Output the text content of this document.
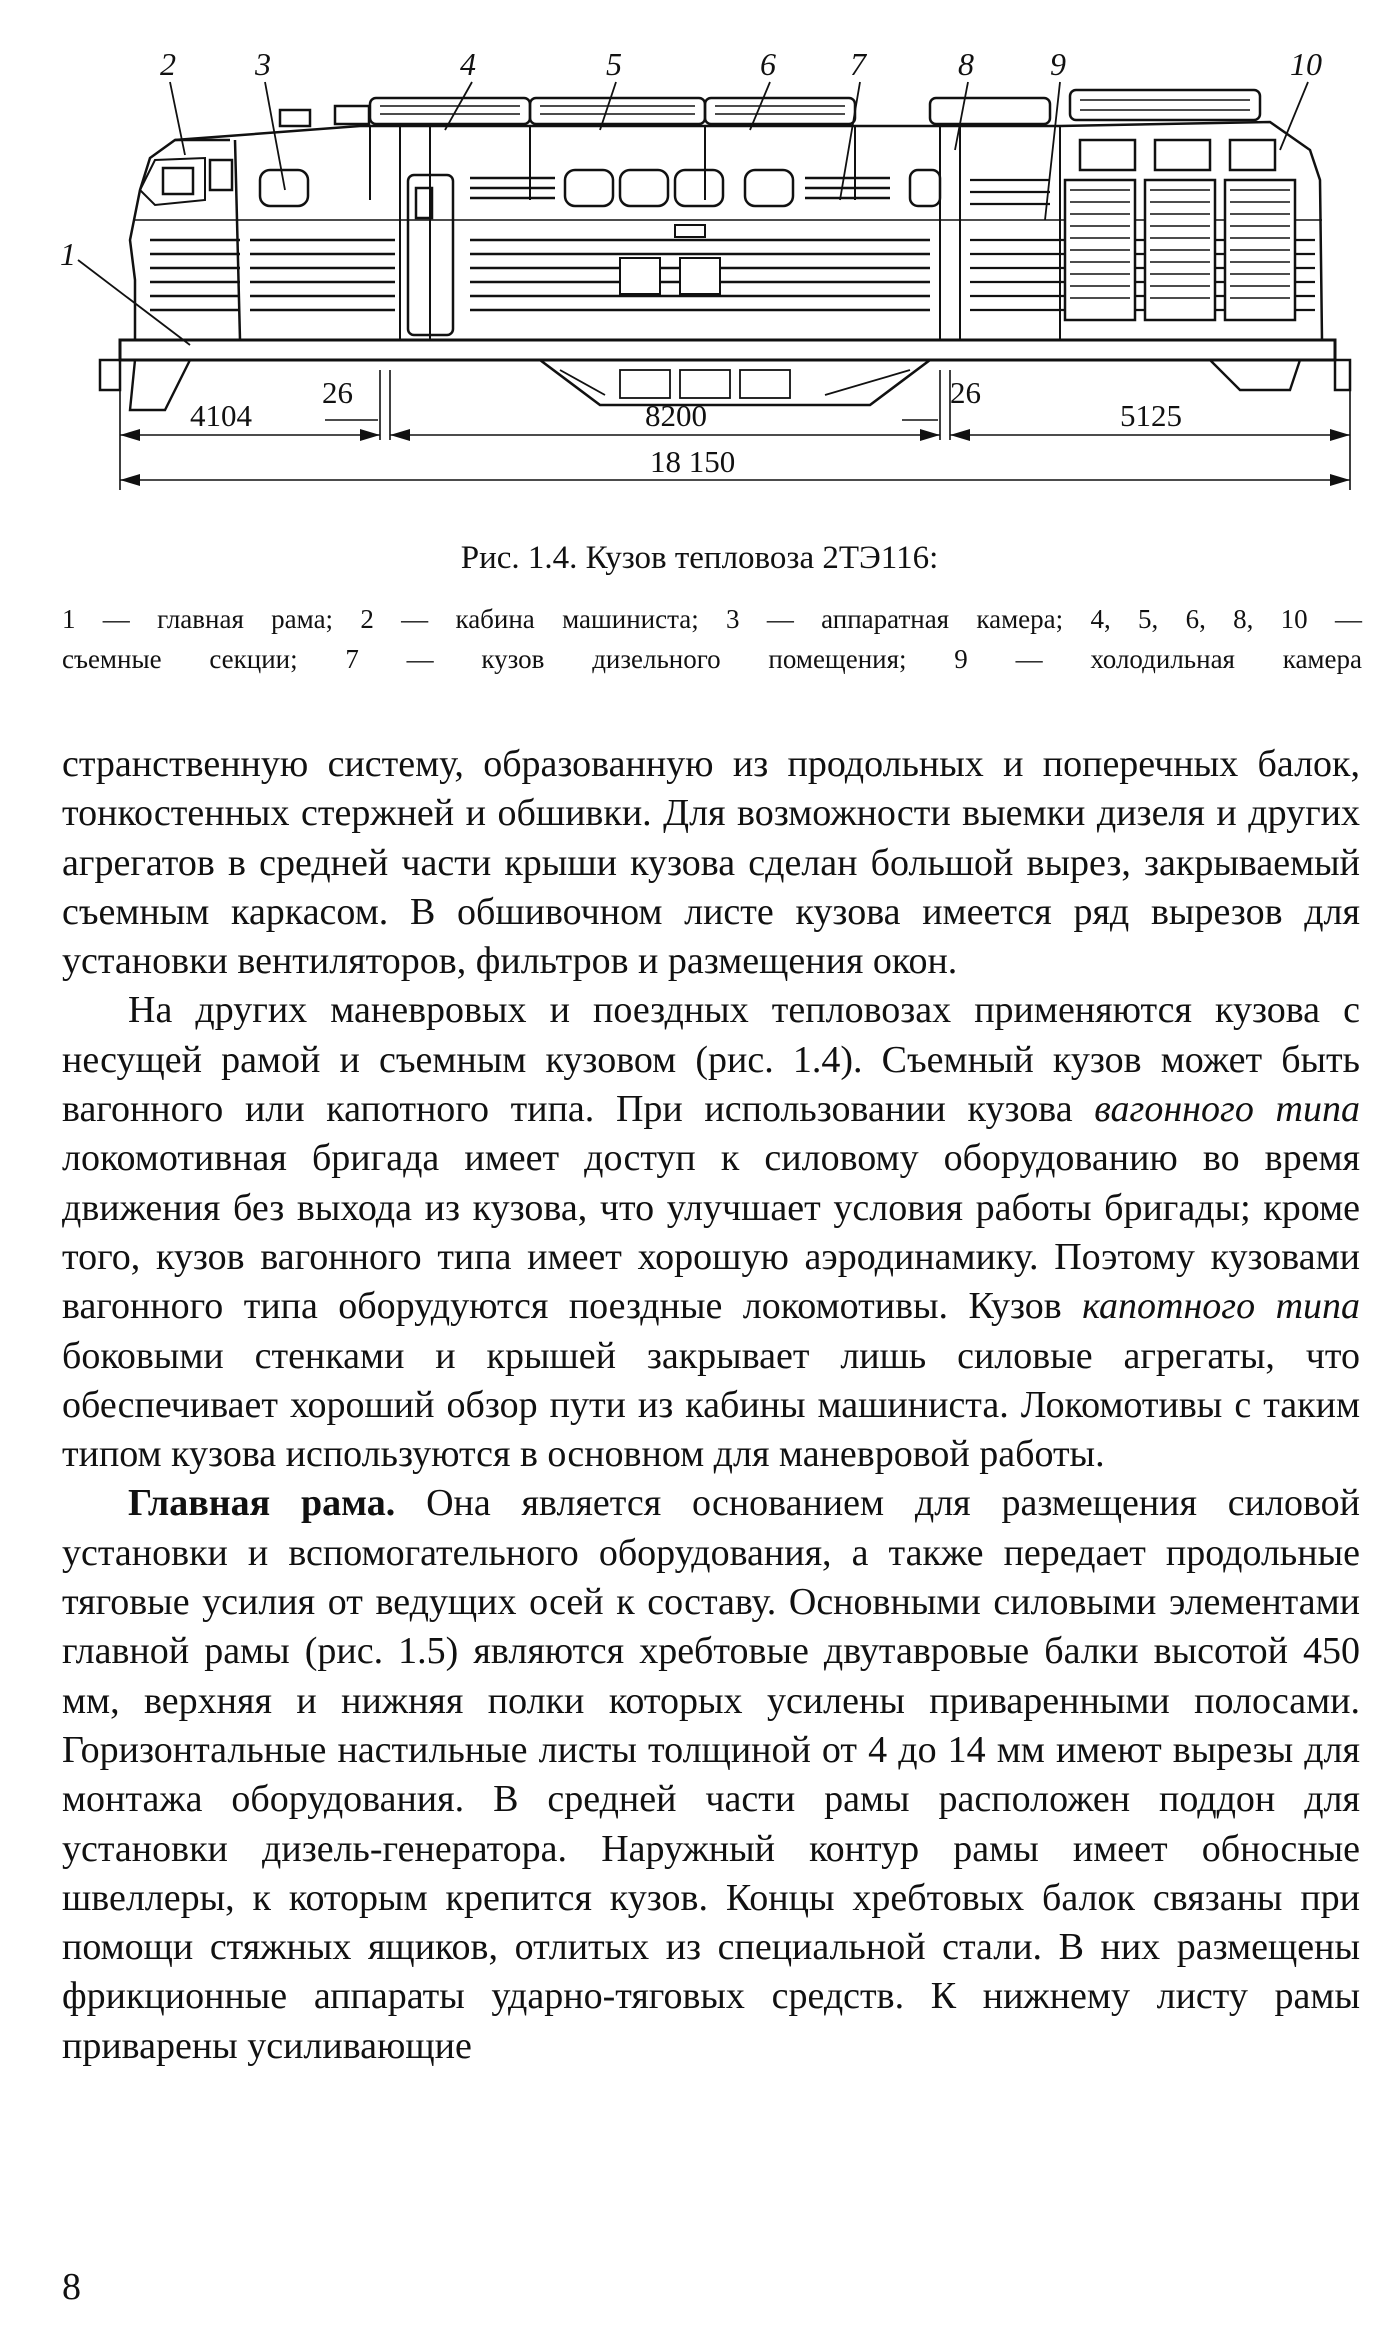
2 3	4	5	6 7	8 9	10
1
4104
26
8200
26
5125
18 150
Рис. 1.4. Кузов тепловоза 2ТЭ116:
1 — главная рама; 2 — кабина машиниста; 3 — аппаратная камера; 4, 5, 6, 8, 10 —
съемные секции; 7 — кузов дизельного помещения; 9 — холодильная камера

странственную систему, образованную из продольных и поперечных балок, тонкостенных стержней и обшивки. Для возможности выемки дизеля и других агрегатов в средней части крыши кузова сделан большой вырез, закрываемый съемным каркасом. В обшивочном листе кузова имеется ряд вырезов для установки вентиляторов, фильтров и размещения окон.

На других маневровых и поездных тепловозах применяются кузова с несущей рамой и съемным кузовом (рис. 1.4). Съемный кузов может быть вагонного или капотного типа. При использовании кузова вагонного типа локомотивная бригада имеет доступ к силовому оборудованию во время движения без выхода из кузова, что улучшает условия работы бригады; кроме того, кузов вагонного типа имеет хорошую аэродинамику. Поэтому кузовами вагонного типа оборудуются поездные локомотивы. Кузов капотного типа боковыми стенками и крышей закрывает лишь силовые агрегаты, что обеспечивает хороший обзор пути из кабины машиниста. Локомотивы с таким типом кузова используются в основном для маневровой работы.

Главная рама. Она является основанием для размещения силовой установки и вспомогательного оборудования, а также передает продольные тяговые усилия от ведущих осей к составу. Основными силовыми элементами главной рамы (рис. 1.5) являются хребтовые двутавровые балки высотой 450 мм, верхняя и нижняя полки которых усилены приваренными полосами. Горизонтальные настильные листы толщиной от 4 до 14 мм имеют вырезы для монтажа оборудования. В средней части рамы расположен поддон для установки дизель-генератора. Наружный контур рамы имеет обносные швеллеры, к которым крепится кузов. Концы хребтовых балок связаны при помощи стяжных ящиков, отлитых из специальной стали. В них размещены фрикционные аппараты ударно-тяговых средств. К нижнему листу рамы приварены усиливающие

8
